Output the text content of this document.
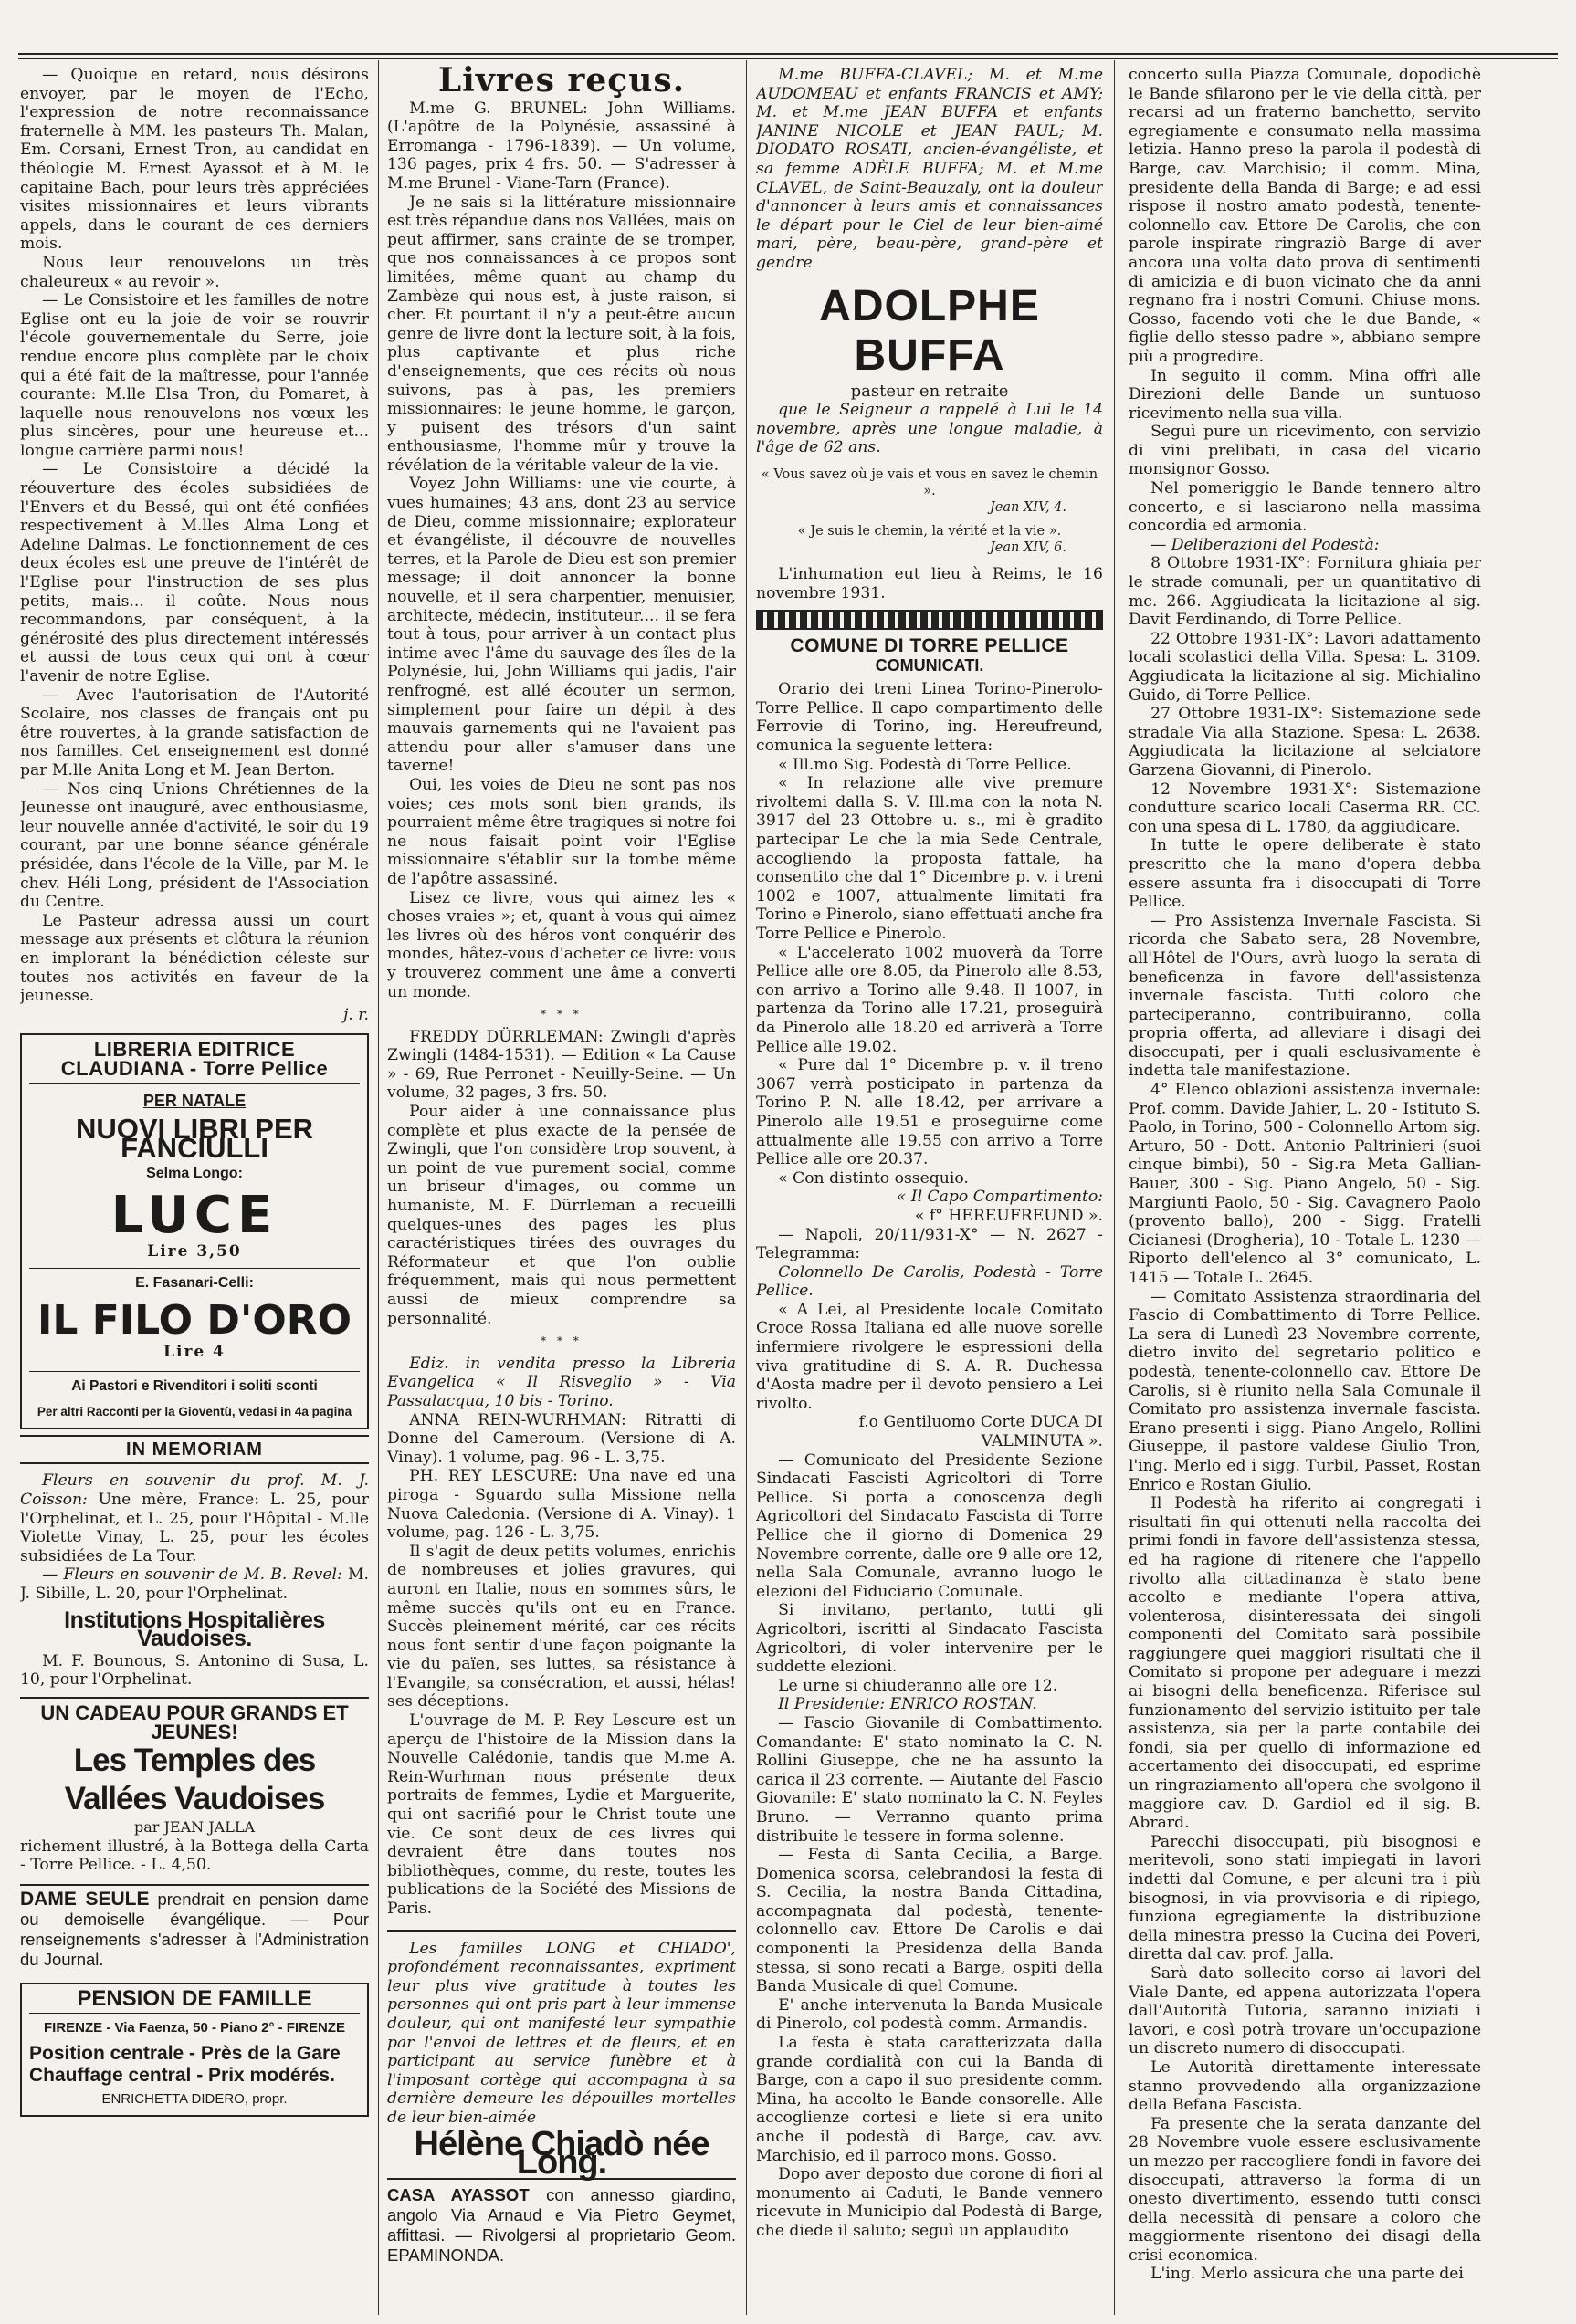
— Quoique en retard, nous désirons envoyer, par le moyen de l'Echo, l'expression de notre reconnaissance fraternelle à MM. les pasteurs Th. Malan, Em. Corsani, Ernest Tron, au candidat en théologie M. Ernest Ayassot et à M. le capitaine Bach, pour leurs très appréciées visites missionnaires et leurs vibrants appels, dans le courant de ces derniers mois.

Nous leur renouvelons un très chaleureux « au revoir ».

— Le Consistoire et les familles de notre Eglise ont eu la joie de voir se rouvrir l'école gouvernementale du Serre, joie rendue encore plus complète par le choix qui a été fait de la maîtresse, pour l'année courante: M.lle Elsa Tron, du Pomaret, à laquelle nous renouvelons nos vœux les plus sincères, pour une heureuse et... longue carrière parmi nous!

— Le Consistoire a décidé la réouverture des écoles subsidiées de l'Envers et du Bessé, qui ont été confiées respectivement à M.lles Alma Long et Adeline Dalmas. Le fonctionnement de ces deux écoles est une preuve de l'intérêt de l'Eglise pour l'instruction de ses plus petits, mais... il coûte. Nous nous recommandons, par conséquent, à la générosité des plus directement intéressés et aussi de tous ceux qui ont à cœur l'avenir de notre Eglise.

— Avec l'autorisation de l'Autorité Scolaire, nos classes de français ont pu être rouvertes, à la grande satisfaction de nos familles. Cet enseignement est donné par M.lle Anita Long et M. Jean Berton.

— Nos cinq Unions Chrétiennes de la Jeunesse ont inauguré, avec enthousiasme, leur nouvelle année d'activité, le soir du 19 courant, par une bonne séance générale présidée, dans l'école de la Ville, par M. le chev. Héli Long, président de l'Association du Centre.

Le Pasteur adressa aussi un court message aux présents et clôtura la réunion en implorant la bénédiction céleste sur toutes nos activités en faveur de la jeunesse.

j. r.

LIBRERIA EDITRICE CLAUDIANA - Torre Pellice
PER NATALE
NUOVI LIBRI PER FANCIULLI
Selma Longo:
LUCE
Lire 3,50
E. Fasanari-Celli:
IL FILO D'ORO
Lire 4
Ai Pastori e Rivenditori i soliti sconti
Per altri Racconti per la Gioventù, vedasi in 4a pagina
IN MEMORIAM

Fleurs en souvenir du prof. M. J. Coïsson: Une mère, France: L. 25, pour l'Orphelinat, et L. 25, pour l'Hôpital - M.lle Violette Vinay, L. 25, pour les écoles subsidiées de La Tour.

— Fleurs en souvenir de M. B. Revel: M. J. Sibille, L. 20, pour l'Orphelinat.

Institutions Hospitalières Vaudoises.

M. F. Bounous, S. Antonino di Susa, L. 10, pour l'Orphelinat.

UN CADEAU POUR GRANDS ET JEUNES!
Les Temples des Vallées Vaudoises
par JEAN JALLA

richement illustré, à la Bottega della Carta - Torre Pellice. - L. 4,50.

DAME SEULE prendrait en pension dame ou demoiselle évangélique. — Pour renseignements s'adresser à l'Administration du Journal.
PENSION DE FAMILLE
FIRENZE - Via Faenza, 50 - Piano 2° - FIRENZE
Position centrale - Près de la Gare
Chauffage central - Prix modérés.
ENRICHETTA DIDERO, propr.
Livres reçus.

M.me G. BRUNEL: John Williams. (L'apôtre de la Polynésie, assassiné à Erromanga - 1796-1839). — Un volume, 136 pages, prix 4 frs. 50. — S'adresser à M.me Brunel - Viane-Tarn (France).

Je ne sais si la littérature missionnaire est très répandue dans nos Vallées, mais on peut affirmer, sans crainte de se tromper, que nos connaissances à ce propos sont limitées, même quant au champ du Zambèze qui nous est, à juste raison, si cher. Et pourtant il n'y a peut-être aucun genre de livre dont la lecture soit, à la fois, plus captivante et plus riche d'enseignements, que ces récits où nous suivons, pas à pas, les premiers missionnaires: le jeune homme, le garçon, y puisent des trésors d'un saint enthousiasme, l'homme mûr y trouve la révélation de la véritable valeur de la vie.

Voyez John Williams: une vie courte, à vues humaines; 43 ans, dont 23 au service de Dieu, comme missionnaire; explorateur et évangéliste, il découvre de nouvelles terres, et la Parole de Dieu est son premier message; il doit annoncer la bonne nouvelle, et il sera charpentier, menuisier, architecte, médecin, instituteur.... il se fera tout à tous, pour arriver à un contact plus intime avec l'âme du sauvage des îles de la Polynésie, lui, John Williams qui jadis, l'air renfrogné, est allé écouter un sermon, simplement pour faire un dépit à des mauvais garnements qui ne l'avaient pas attendu pour aller s'amuser dans une taverne!

Oui, les voies de Dieu ne sont pas nos voies; ces mots sont bien grands, ils pourraient même être tragiques si notre foi ne nous faisait point voir l'Eglise missionnaire s'établir sur la tombe même de l'apôtre assassiné.

Lisez ce livre, vous qui aimez les « choses vraies »; et, quant à vous qui aimez les livres où des héros vont conquérir des mondes, hâtez-vous d'acheter ce livre: vous y trouverez comment une âme a converti un monde.

* * *

FREDDY DÜRRLEMAN: Zwingli d'après Zwingli (1484-1531). — Edition « La Cause » - 69, Rue Perronet - Neuilly-Seine. — Un volume, 32 pages, 3 frs. 50.

Pour aider à une connaissance plus complète et plus exacte de la pensée de Zwingli, que l'on considère trop souvent, à un point de vue purement social, comme un briseur d'images, ou comme un humaniste, M. F. Dürrleman a recueilli quelques-unes des pages les plus caractéristiques tirées des ouvrages du Réformateur et que l'on oublie fréquemment, mais qui nous permettent aussi de mieux comprendre sa personnalité.

* * *

Ediz. in vendita presso la Libreria Evangelica « Il Risveglio » - Via Passalacqua, 10 bis - Torino.

ANNA REIN-WURHMAN: Ritratti di Donne del Cameroum. (Versione di A. Vinay). 1 volume, pag. 96 - L. 3,75.

PH. REY LESCURE: Una nave ed una piroga - Sguardo sulla Missione nella Nuova Caledonia. (Versione di A. Vinay). 1 volume, pag. 126 - L. 3,75.

Il s'agit de deux petits volumes, enrichis de nombreuses et jolies gravures, qui auront en Italie, nous en sommes sûrs, le même succès qu'ils ont eu en France. Succès pleinement mérité, car ces récits nous font sentir d'une façon poignante la vie du païen, ses luttes, sa résistance à l'Evangile, sa consécration, et aussi, hélas! ses déceptions.

L'ouvrage de M. P. Rey Lescure est un aperçu de l'histoire de la Mission dans la Nouvelle Calédonie, tandis que M.me A. Rein-Wurhman nous présente deux portraits de femmes, Lydie et Marguerite, qui ont sacrifié pour le Christ toute une vie. Ce sont deux de ces livres qui devraient être dans toutes nos bibliothèques, comme, du reste, toutes les publications de la Société des Missions de Paris.

Les familles LONG et CHIADO', profondément reconnaissantes, expriment leur plus vive gratitude à toutes les personnes qui ont pris part à leur immense douleur, qui ont manifesté leur sympathie par l'envoi de lettres et de fleurs, et en participant au service funèbre et à l'imposant cortège qui accompagna à sa dernière demeure les dépouilles mortelles de leur bien-aimée

Hélène Chiadò née Long.
CASA AYASSOT con annesso giardino, angolo Via Arnaud e Via Pietro Geymet, affittasi. — Rivolgersi al proprietario Geom. EPAMINONDA.

M.me BUFFA-CLAVEL; M. et M.me AUDOMEAU et enfants FRANCIS et AMY; M. et M.me JEAN BUFFA et enfants JANINE NICOLE et JEAN PAUL; M. DIODATO ROSATI, ancien-évangéliste, et sa femme ADÈLE BUFFA; M. et M.me CLAVEL, de Saint-Beauzaly, ont la douleur d'annoncer à leurs amis et connaissances le départ pour le Ciel de leur bien-aimé mari, père, beau-père, grand-père et gendre

ADOLPHE BUFFA
pasteur en retraite

que le Seigneur a rappelé à Lui le 14 novembre, après une longue maladie, à l'âge de 62 ans.

« Vous savez où je vais et vous en savez le chemin ».
Jean XIV, 4.
« Je suis le chemin, la vérité et la vie ».
Jean XIV, 6.

L'inhumation eut lieu à Reims, le 16 novembre 1931.

COMUNE DI TORRE PELLICE
COMUNICATI.

Orario dei treni Linea Torino-Pinerolo-Torre Pellice. Il capo compartimento delle Ferrovie di Torino, ing. Hereufreund, comunica la seguente lettera:

« Ill.mo Sig. Podestà di Torre Pellice.

« In relazione alle vive premure rivoltemi dalla S. V. Ill.ma con la nota N. 3917 del 23 Ottobre u. s., mi è gradito partecipar Le che la mia Sede Centrale, accogliendo la proposta fattale, ha consentito che dal 1° Dicembre p. v. i treni 1002 e 1007, attualmente limitati fra Torino e Pinerolo, siano effettuati anche fra Torre Pellice e Pinerolo.

« L'accelerato 1002 muoverà da Torre Pellice alle ore 8.05, da Pinerolo alle 8.53, con arrivo a Torino alle 9.48. Il 1007, in partenza da Torino alle 17.21, proseguirà da Pinerolo alle 18.20 ed arriverà a Torre Pellice alle 19.02.

« Pure dal 1° Dicembre p. v. il treno 3067 verrà posticipato in partenza da Torino P. N. alle 18.42, per arrivare a Pinerolo alle 19.51 e proseguirne come attualmente alle 19.55 con arrivo a Torre Pellice alle ore 20.37.

« Con distinto ossequio.

« Il Capo Compartimento:

« f° HEREUFREUND ».

— Napoli, 20/11/931-X° — N. 2627 - Telegramma:

Colonnello De Carolis, Podestà - Torre Pellice.

« A Lei, al Presidente locale Comitato Croce Rossa Italiana ed alle nuove sorelle infermiere rivolgere le espressioni della viva gratitudine di S. A. R. Duchessa d'Aosta madre per il devoto pensiero a Lei rivolto.

f.o Gentiluomo Corte DUCA DI VALMINUTA ».

— Comunicato del Presidente Sezione Sindacati Fascisti Agricoltori di Torre Pellice. Si porta a conoscenza degli Agricoltori del Sindacato Fascista di Torre Pellice che il giorno di Domenica 29 Novembre corrente, dalle ore 9 alle ore 12, nella Sala Comunale, avranno luogo le elezioni del Fiduciario Comunale.

Si invitano, pertanto, tutti gli Agricoltori, iscritti al Sindacato Fascista Agricoltori, di voler intervenire per le suddette elezioni.

Le urne si chiuderanno alle ore 12.

Il Presidente: ENRICO ROSTAN.

— Fascio Giovanile di Combattimento. Comandante: E' stato nominato la C. N. Rollini Giuseppe, che ne ha assunto la carica il 23 corrente. — Aiutante del Fascio Giovanile: E' stato nominato la C. N. Feyles Bruno. — Verranno quanto prima distribuite le tessere in forma solenne.

— Festa di Santa Cecilia, a Barge. Domenica scorsa, celebrandosi la festa di S. Cecilia, la nostra Banda Cittadina, accompagnata dal podestà, tenente-colonnello cav. Ettore De Carolis e dai componenti la Presidenza della Banda stessa, si sono recati a Barge, ospiti della Banda Musicale di quel Comune.

E' anche intervenuta la Banda Musicale di Pinerolo, col podestà comm. Armandis.

La festa è stata caratterizzata dalla grande cordialità con cui la Banda di Barge, con a capo il suo presidente comm. Mina, ha accolto le Bande consorelle. Alle accoglienze cortesi e liete si era unito anche il podestà di Barge, cav. avv. Marchisio, ed il parroco mons. Gosso.

Dopo aver deposto due corone di fiori al monumento ai Caduti, le Bande vennero ricevute in Municipio dal Podestà di Barge, che diede il saluto; seguì un applaudito

concerto sulla Piazza Comunale, dopodichè le Bande sfilarono per le vie della città, per recarsi ad un fraterno banchetto, servito egregiamente e consumato nella massima letizia. Hanno preso la parola il podestà di Barge, cav. Marchisio; il comm. Mina, presidente della Banda di Barge; e ad essi rispose il nostro amato podestà, tenente-colonnello cav. Ettore De Carolis, che con parole inspirate ringraziò Barge di aver ancora una volta dato prova di sentimenti di amicizia e di buon vicinato che da anni regnano fra i nostri Comuni. Chiuse mons. Gosso, facendo voti che le due Bande, « figlie dello stesso padre », abbiano sempre più a progredire.

In seguito il comm. Mina offrì alle Direzioni delle Bande un suntuoso ricevimento nella sua villa.

Seguì pure un ricevimento, con servizio di vini prelibati, in casa del vicario monsignor Gosso.

Nel pomeriggio le Bande tennero altro concerto, e si lasciarono nella massima concordia ed armonia.

— Deliberazioni del Podestà:

8 Ottobre 1931-IX°: Fornitura ghiaia per le strade comunali, per un quantitativo di mc. 266. Aggiudicata la licitazione al sig. Davit Ferdinando, di Torre Pellice.

22 Ottobre 1931-IX°: Lavori adattamento locali scolastici della Villa. Spesa: L. 3109. Aggiudicata la licitazione al sig. Michialino Guido, di Torre Pellice.

27 Ottobre 1931-IX°: Sistemazione sede stradale Via alla Stazione. Spesa: L. 2638. Aggiudicata la licitazione al selciatore Garzena Giovanni, di Pinerolo.

12 Novembre 1931-X°: Sistemazione condutture scarico locali Caserma RR. CC. con una spesa di L. 1780, da aggiudicare.

In tutte le opere deliberate è stato prescritto che la mano d'opera debba essere assunta fra i disoccupati di Torre Pellice.

— Pro Assistenza Invernale Fascista. Si ricorda che Sabato sera, 28 Novembre, all'Hôtel de l'Ours, avrà luogo la serata di beneficenza in favore dell'assistenza invernale fascista. Tutti coloro che parteciperanno, contribuiranno, colla propria offerta, ad alleviare i disagi dei disoccupati, per i quali esclusivamente è indetta tale manifestazione.

4° Elenco oblazioni assistenza invernale: Prof. comm. Davide Jahier, L. 20 - Istituto S. Paolo, in Torino, 500 - Colonnello Artom sig. Arturo, 50 - Dott. Antonio Paltrinieri (suoi cinque bimbi), 50 - Sig.ra Meta Gallian-Bauer, 300 - Sig. Piano Angelo, 50 - Sig. Margiunti Paolo, 50 - Sig. Cavagnero Paolo (provento ballo), 200 - Sigg. Fratelli Cicianesi (Drogheria), 10 - Totale L. 1230 — Riporto dell'elenco al 3° comunicato, L. 1415 — Totale L. 2645.

— Comitato Assistenza straordinaria del Fascio di Combattimento di Torre Pellice. La sera di Lunedì 23 Novembre corrente, dietro invito del segretario politico e podestà, tenente-colonnello cav. Ettore De Carolis, si è riunito nella Sala Comunale il Comitato pro assistenza invernale fascista. Erano presenti i sigg. Piano Angelo, Rollini Giuseppe, il pastore valdese Giulio Tron, l'ing. Merlo ed i sigg. Turbil, Passet, Rostan Enrico e Rostan Giulio.

Il Podestà ha riferito ai congregati i risultati fin qui ottenuti nella raccolta dei primi fondi in favore dell'assistenza stessa, ed ha ragione di ritenere che l'appello rivolto alla cittadinanza è stato bene accolto e mediante l'opera attiva, volenterosa, disinteressata dei singoli componenti del Comitato sarà possibile raggiungere quei maggiori risultati che il Comitato si propone per adeguare i mezzi ai bisogni della beneficenza. Riferisce sul funzionamento del servizio istituito per tale assistenza, sia per la parte contabile dei fondi, sia per quello di informazione ed accertamento dei disoccupati, ed esprime un ringraziamento all'opera che svolgono il maggiore cav. D. Gardiol ed il sig. B. Abrard.

Parecchi disoccupati, più bisognosi e meritevoli, sono stati impiegati in lavori indetti dal Comune, e per alcuni tra i più bisognosi, in via provvisoria e di ripiego, funziona egregiamente la distribuzione della minestra presso la Cucina dei Poveri, diretta dal cav. prof. Jalla.

Sarà dato sollecito corso ai lavori del Viale Dante, ed appena autorizzata l'opera dall'Autorità Tutoria, saranno iniziati i lavori, e così potrà trovare un'occupazione un discreto numero di disoccupati.

Le Autorità direttamente interessate stanno provvedendo alla organizzazione della Befana Fascista.

Fa presente che la serata danzante del 28 Novembre vuole essere esclusivamente un mezzo per raccogliere fondi in favore dei disoccupati, attraverso la forma di un onesto divertimento, essendo tutti consci della necessità di pensare a coloro che maggiormente risentono dei disagi della crisi economica.

L'ing. Merlo assicura che una parte dei
